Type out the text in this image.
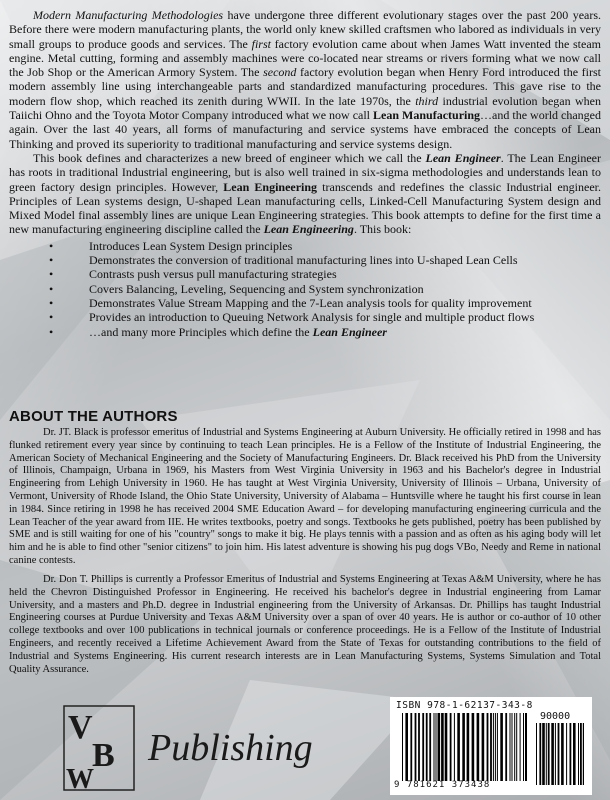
Modern Manufacturing Methodologies have undergone three different evolutionary stages over the past 200 years. Before there were modern manufacturing plants, the world only knew skilled craftsmen who labored as individuals in very small groups to produce goods and services. The first factory evolution came about when James Watt invented the steam engine. Metal cutting, forming and assembly machines were co-located near streams or rivers forming what we now call the Job Shop or the American Armory System. The second factory evolution began when Henry Ford introduced the first modern assembly line using interchangeable parts and standardized manufacturing procedures. This gave rise to the modern flow shop, which reached its zenith during WWII. In the late 1970s, the third industrial evolution began when Taiichi Ohno and the Toyota Motor Company introduced what we now call Lean Manufacturing…and the world changed again. Over the last 40 years, all forms of manufacturing and service systems have embraced the concepts of Lean Thinking and proved its superiority to traditional manufacturing and service systems design.

This book defines and characterizes a new breed of engineer which we call the Lean Engineer. The Lean Engineer has roots in traditional Industrial engineering, but is also well trained in six-sigma methodologies and understands lean to green factory design principles. However, Lean Engineering transcends and redefines the classic Industrial engineer. Principles of Lean systems design, U-shaped Lean manufacturing cells, Linked-Cell Manufacturing System design and Mixed Model final assembly lines are unique Lean Engineering strategies. This book attempts to define for the first time a new manufacturing engineering discipline called the Lean Engineering. This book:

• Introduces Lean System Design principles
• Demonstrates the conversion of traditional manufacturing lines into U-shaped Lean Cells
• Contrasts push versus pull manufacturing strategies
• Covers Balancing, Leveling, Sequencing and System synchronization
• Demonstrates Value Stream Mapping and the 7-Lean analysis tools for quality improvement
• Provides an introduction to Queuing Network Analysis for single and multiple product flows
• …and many more Principles which define the Lean Engineer
ABOUT THE AUTHORS

Dr. JT. Black is professor emeritus of Industrial and Systems Engineering at Auburn University. He officially retired in 1998 and has flunked retirement every year since by continuing to teach Lean principles. He is a Fellow of the Institute of Industrial Engineering, the American Society of Mechanical Engineering and the Society of Manufacturing Engineers. Dr. Black received his PhD from the University of Illinois, Champaign, Urbana in 1969, his Masters from West Virginia University in 1963 and his Bachelor's degree in Industrial Engineering from Lehigh University in 1960. He has taught at West Virginia University, University of Illinois – Urbana, University of Vermont, University of Rhode Island, the Ohio State University, University of Alabama – Huntsville where he taught his first course in lean in 1984. Since retiring in 1998 he has received 2004 SME Education Award – for developing manufacturing engineering curricula and the Lean Teacher of the year award from IIE. He writes textbooks, poetry and songs. Textbooks he gets published, poetry has been published by SME and is still waiting for one of his "country" songs to make it big. He plays tennis with a passion and as often as his aging body will let him and he is able to find other "senior citizens" to join him. His latest adventure is showing his pug dogs VBo, Needy and Reme in national canine contests.

Dr. Don T. Phillips is currently a Professor Emeritus of Industrial and Systems Engineering at Texas A&M University, where he has held the Chevron Distinguished Professor in Engineering. He received his bachelor's degree in Industrial engineering from Lamar University, and a masters and Ph.D. degree in Industrial engineering from the University of Arkansas. Dr. Phillips has taught Industrial Engineering courses at Purdue University and Texas A&M University over a span of over 40 years. He is author or co-author of 10 other college textbooks and over 100 publications in technical journals or conference proceedings. He is a Fellow of the Institute of Industrial Engineers, and recently received a Lifetime Achievement Award from the State of Texas for outstanding contributions to the field of Industrial and Systems Engineering. His current research interests are in Lean Manufacturing Systems, Systems Simulation and Total Quality Assurance.

V
B
W
Publishing
ISBN 978-1-62137-343-8
90000
9 781621 373438
